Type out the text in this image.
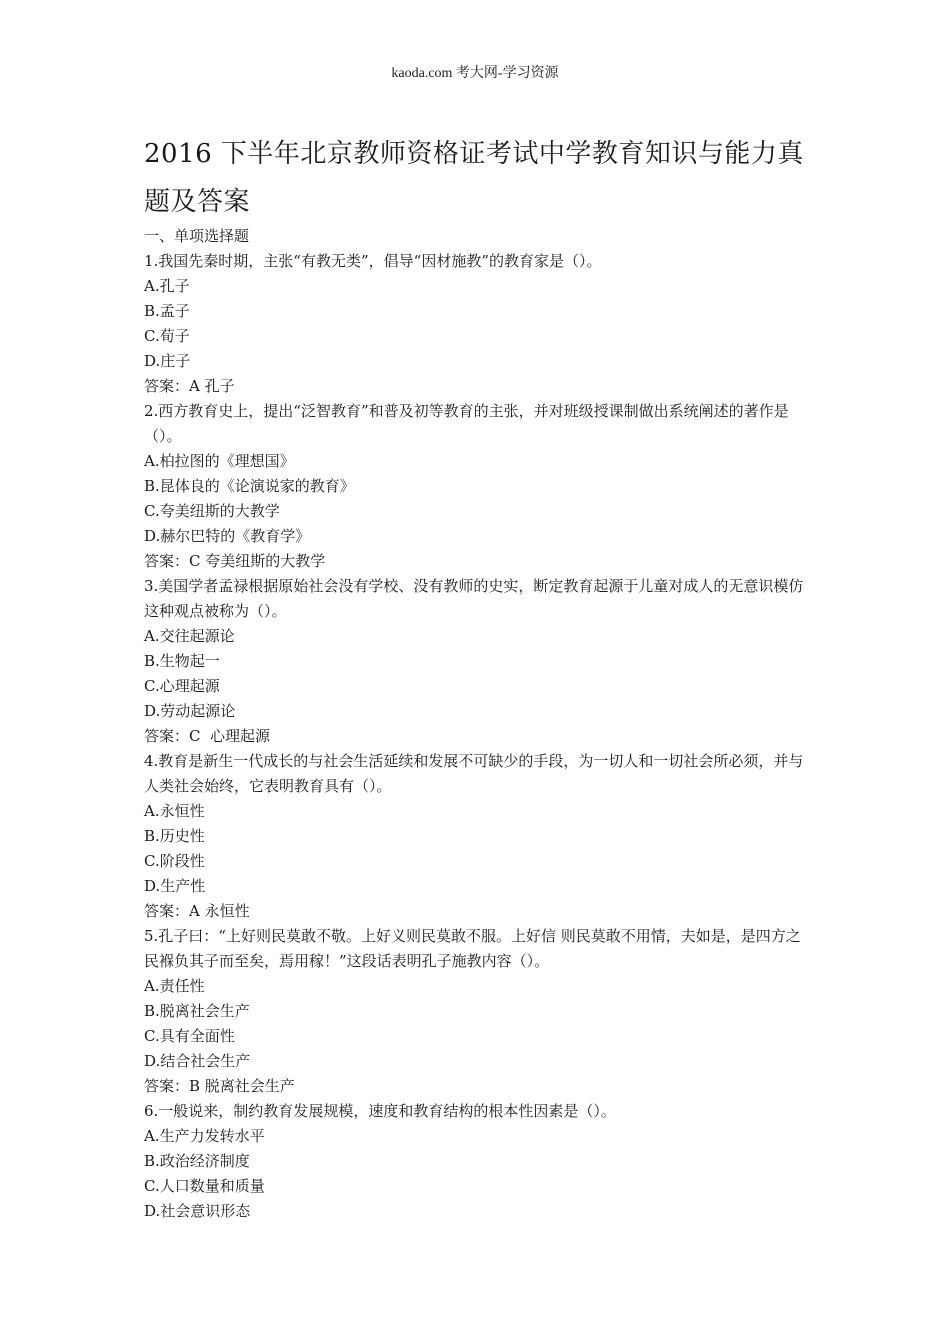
kaoda.com 考大网-学习资源
2016 下半年北京教师资格证考试中学教育知识与能力真题及答案
一、单项选择题
1.我国先秦时期，主张“有教无类”，倡导“因材施教”的教育家是（）。
A.孔子
B.孟子
C.荀子
D.庄子
答案：A 孔子
2.西方教育史上，提出“泛智教育”和普及初等教育的主张，并对班级授课制做出系统阐述的著作是（）。
A.柏拉图的《理想国》
B.昆体良的《论演说家的教育》
C.夸美纽斯的大教学
D.赫尔巴特的《教育学》
答案：C 夸美纽斯的大教学
3.美国学者孟禄根据原始社会没有学校、没有教师的史实，断定教育起源于儿童对成人的无意识模仿这种观点被称为（）。
A.交往起源论
B.生物起一
C.心理起源
D.劳动起源论
答案：C  心理起源
4.教育是新生一代成长的与社会生活延续和发展不可缺少的手段，为一切人和一切社会所必须，并与人类社会始终，它表明教育具有（）。
A.永恒性
B.历史性
C.阶段性
D.生产性
答案：A 永恒性
5.孔子曰：“上好则民莫敢不敬。上好义则民莫敢不服。上好信 则民莫敢不用情，夫如是，是四方之民褓负其子而至矣，焉用稼！”这段话表明孔子施教内容（）。
A.责任性
B.脱离社会生产
C.具有全面性
D.结合社会生产
答案：B 脱离社会生产
6.一般说来，制约教育发展规模，速度和教育结构的根本性因素是（）。
A.生产力发转水平
B.政治经济制度
C.人口数量和质量
D.社会意识形态
